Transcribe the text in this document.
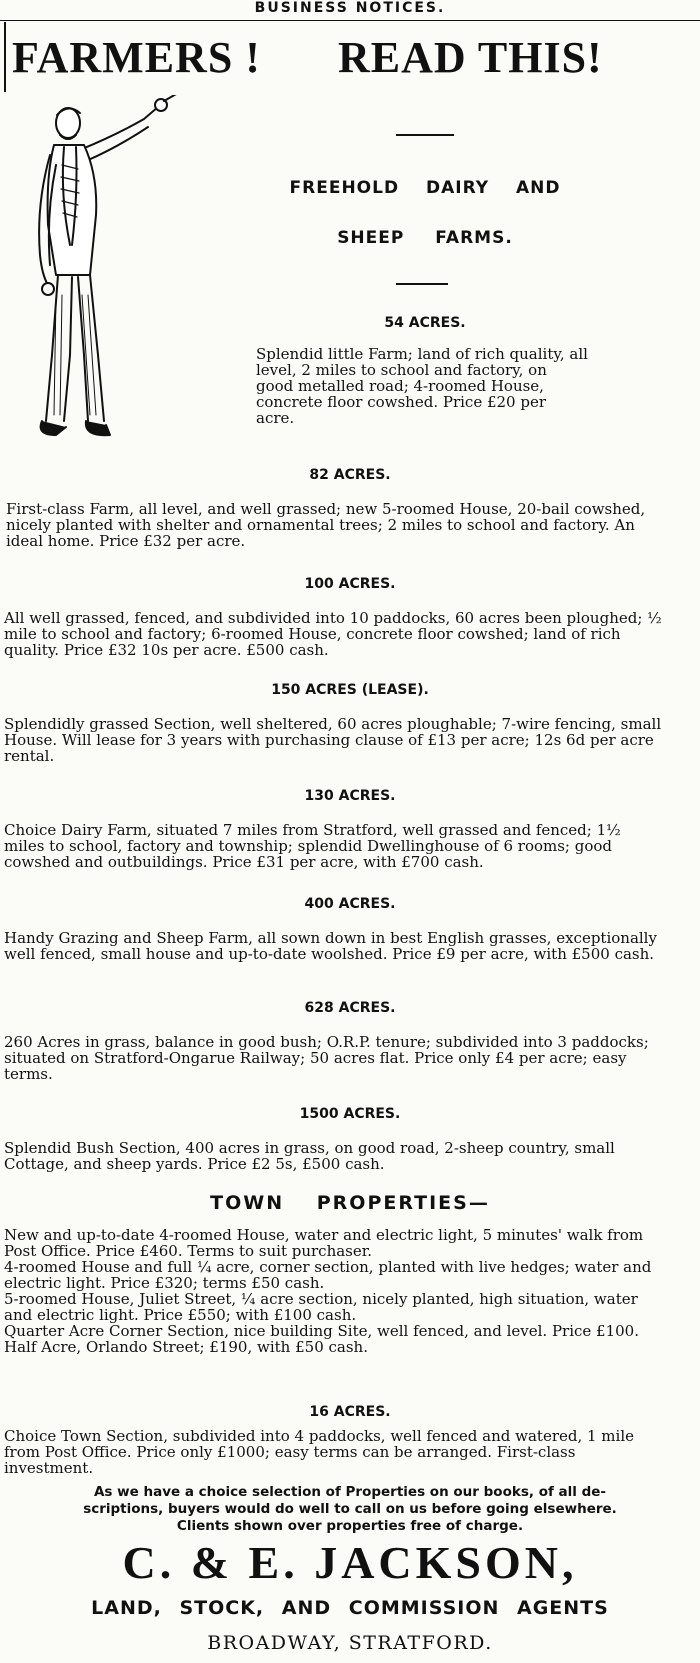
BUSINESS NOTICES.
FARMERS ! READ THIS!
FREEHOLD DAIRY AND
SHEEP FARMS.
54 ACRES.

Splendid little Farm; land of rich quality, all level, 2 miles to school and factory, on good metalled road; 4-roomed House, concrete floor cowshed. Price £20 per acre.

82 ACRES.

First-class Farm, all level, and well grassed; new 5-roomed House, 20-bail cowshed, nicely planted with shelter and ornamental trees; 2 miles to school and factory. An ideal home. Price £32 per acre.

100 ACRES.

All well grassed, fenced, and subdivided into 10 paddocks, 60 acres been ploughed; ½ mile to school and factory; 6-roomed House, concrete floor cowshed; land of rich quality. Price £32 10s per acre. £500 cash.

150 ACRES (LEASE).

Splendidly grassed Section, well sheltered, 60 acres ploughable; 7-wire fencing, small House. Will lease for 3 years with purchasing clause of £13 per acre; 12s 6d per acre rental.

130 ACRES.

Choice Dairy Farm, situated 7 miles from Stratford, well grassed and fenced; 1½ miles to school, factory and township; splendid Dwellinghouse of 6 rooms; good cowshed and outbuildings. Price £31 per acre, with £700 cash.

400 ACRES.

Handy Grazing and Sheep Farm, all sown down in best English grasses, exceptionally well fenced, small house and up-to-date woolshed. Price £9 per acre, with £500 cash.

628 ACRES.

260 Acres in grass, balance in good bush; O.R.P. tenure; subdivided into 3 paddocks; situated on Stratford-Ongarue Railway; 50 acres flat. Price only £4 per acre; easy terms.

1500 ACRES.

Splendid Bush Section, 400 acres in grass, on good road, 2-sheep country, small Cottage, and sheep yards. Price £2 5s, £500 cash.

TOWN PROPERTIES—

New and up-to-date 4-roomed House, water and electric light, 5 minutes' walk from Post Office. Price £460. Terms to suit purchaser.

4-roomed House and full ¼ acre, corner section, planted with live hedges; water and electric light. Price £320; terms £50 cash.

5-roomed House, Juliet Street, ¼ acre section, nicely planted, high situation, water and electric light. Price £550; with £100 cash.

Quarter Acre Corner Section, nice building Site, well fenced, and level. Price £100.

Half Acre, Orlando Street; £190, with £50 cash.

16 ACRES.

Choice Town Section, subdivided into 4 paddocks, well fenced and watered, 1 mile from Post Office. Price only £1000; easy terms can be arranged. First-class investment.

As we have a choice selection of Properties on our books, of all de-
scriptions, buyers would do well to call on us before going elsewhere.
Clients shown over properties free of charge.
C. & E. JACKSON,
LAND, STOCK, AND COMMISSION AGENTS
BROADWAY, STRATFORD.
